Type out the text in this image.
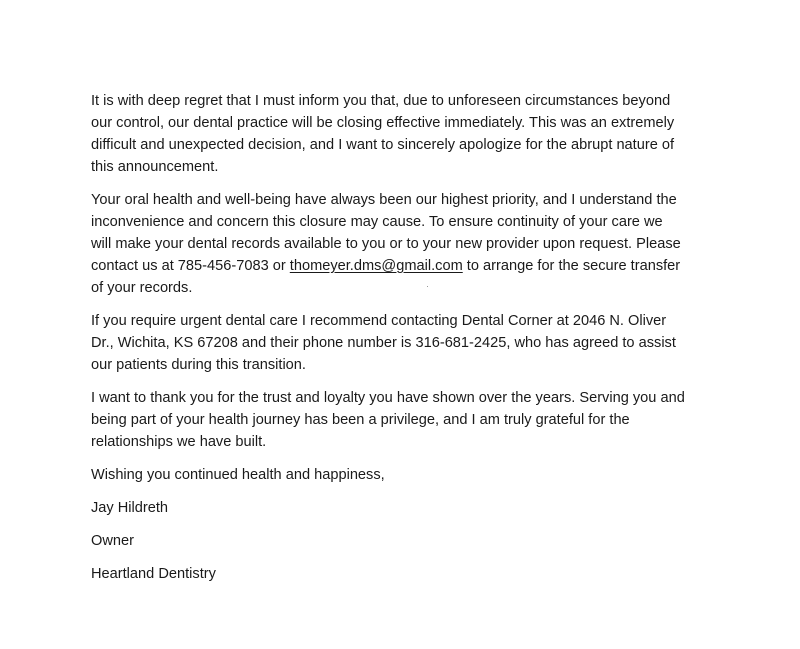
It is with deep regret that I must inform you that, due to unforeseen circumstances beyond
our control, our dental practice will be closing effective immediately. This was an extremely
difficult and unexpected decision, and I want to sincerely apologize for the abrupt nature of
this announcement.

Your oral health and well-being have always been our highest priority, and I understand the
inconvenience and concern this closure may cause. To ensure continuity of your care we
will make your dental records available to you or to your new provider upon request. Please
contact us at 785-456-7083 or thomeyer.dms@gmail.com to arrange for the secure transfer
of your records.

If you require urgent dental care I recommend contacting Dental Corner at 2046 N. Oliver
Dr., Wichita, KS 67208 and their phone number is 316-681-2425, who has agreed to assist
our patients during this transition.

I want to thank you for the trust and loyalty you have shown over the years. Serving you and
being part of your health journey has been a privilege, and I am truly grateful for the
relationships we have built.

Wishing you continued health and happiness,

Jay Hildreth

Owner

Heartland Dentistry
